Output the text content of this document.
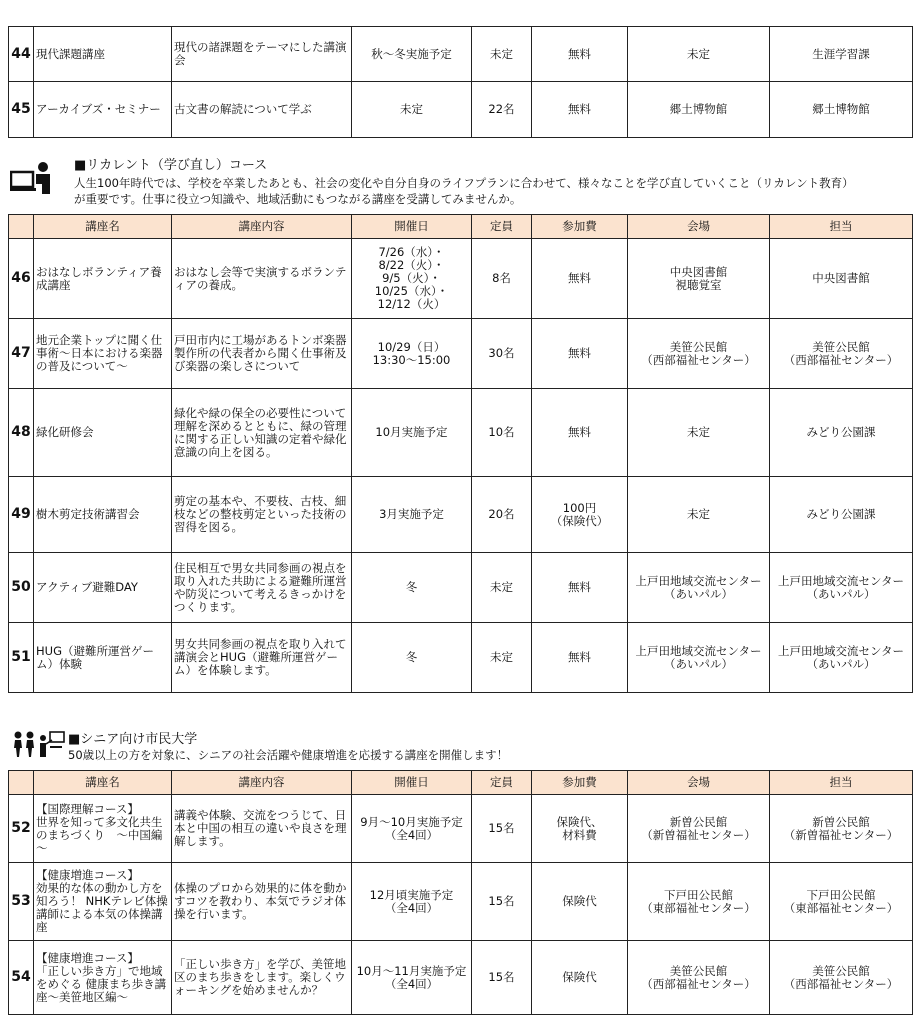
44	現代課題講座	現代の諸課題をテーマにした講演会	秋～冬実施予定	未定	無料	未定	生涯学習課
45	アーカイブズ・セミナー	古文書の解読について学ぶ	未定	22名	無料	郷土博物館	郷土博物館
■リカレント（学び直し）コース
人生100年時代では、学校を卒業したあとも、社会の変化や自分自身のライフプランに合わせて、様々なことを学び直していくこと（リカレント教育）
が重要です。仕事に役立つ知識や、地域活動にもつながる講座を受講してみませんか。
	講座名	講座内容	開催日	定員	参加費	会場	担当
46	おはなしボランティア養成講座	おはなし会等で実演するボランティアの養成。	7/26（水）・
8/22（火）・
9/5（火）・
10/25（水）・
12/12（火）	8名	無料	中央図書館
視聴覚室	中央図書館
47	地元企業トップに聞く仕事術～日本における楽器の普及について～	戸田市内に工場があるトンボ楽器製作所の代表者から聞く仕事術及び楽器の楽しさについて	10/29（日）
13:30～15:00	30名	無料	美笹公民館
（西部福祉センター）	美笹公民館
（西部福祉センター）
48	緑化研修会	緑化や緑の保全の必要性について理解を深めるとともに、緑の管理に関する正しい知識の定着や緑化意識の向上を図る。	10月実施予定	10名	無料	未定	みどり公園課
49	樹木剪定技術講習会	剪定の基本や、不要枝、古枝、細枝などの整枝剪定といった技術の習得を図る。	3月実施予定	20名	100円
（保険代）	未定	みどり公園課
50	アクティブ避難DAY	住民相互で男女共同参画の視点を取り入れた共助による避難所運営や防災について考えるきっかけをつくります。	冬	未定	無料	上戸田地域交流センター
（あいパル）	上戸田地域交流センター
（あいパル）
51	HUG（避難所運営ゲーム）体験	男女共同参画の視点を取り入れて講演会とHUG（避難所運営ゲーム）を体験します。	冬	未定	無料	上戸田地域交流センター
（あいパル）	上戸田地域交流センター
（あいパル）
■シニア向け市民大学
50歳以上の方を対象に、シニアの社会活躍や健康増進を応援する講座を開催します！
	講座名	講座内容	開催日	定員	参加費	会場	担当
52	【国際理解コース】
世界を知って多文化共生のまちづくり　～中国編～	講義や体験、交流をつうじて、日本と中国の相互の違いや良さを理解します。	9月～10月実施予定
（全4回）	15名	保険代、
材料費	新曽公民館
（新曽福祉センター）	新曽公民館
（新曽福祉センター）
53	【健康増進コース】
効果的な体の動かし方を知ろう！ NHKテレビ体操講師による本気の体操講座	体操のプロから効果的に体を動かすコツを教わり、本気でラジオ体操を行います。	12月頃実施予定
（全4回）	15名	保険代	下戸田公民館
（東部福祉センター）	下戸田公民館
（東部福祉センター）
54	【健康増進コース】
「正しい歩き方」で地域をめぐる 健康まち歩き講座～美笹地区編～	「正しい歩き方」を学び、美笹地区のまち歩きをします。楽しくウォーキングを始めませんか？	10月～11月実施予定
（全4回）	15名	保険代	美笹公民館
（西部福祉センター）	美笹公民館
（西部福祉センター）
